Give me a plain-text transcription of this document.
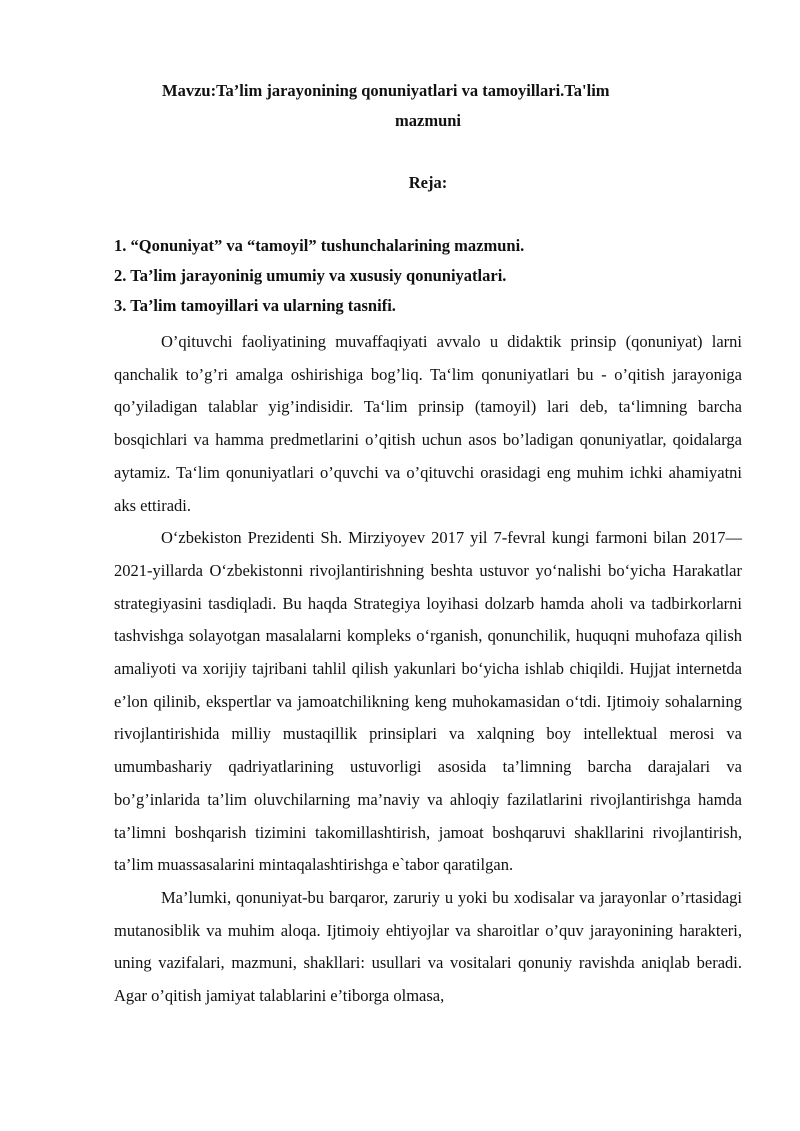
Mavzu:Ta’lim jarayonining qonuniyatlari va tamoyillari.Ta'lim
mazmuni
Reja:
1. “Qonuniyat” va “tamoyil” tushunchalarining mazmuni.
2. Ta’lim jarayoninig umumiy va xususiy qonuniyatlari.
3. Ta’lim tamoyillari va ularning tasnifi.

O’qituvchi faoliyatining muvaffaqiyati avvalo u didaktik prinsip (qonuniyat) larni qanchalik to’g’ri amalga oshirishiga bog’liq. Ta‘lim qonuniyatlari bu - o’qitish jarayoniga qo’yiladigan talablar yig’indisidir. Ta‘lim prinsip (tamoyil) lari deb, ta‘limning barcha bosqichlari va hamma predmetlarini o’qitish uchun asos bo’ladigan qonuniyatlar, qoidalarga aytamiz. Ta‘lim qonuniyatlari o’quvchi va o’qituvchi orasidagi eng muhim ichki ahamiyatni aks ettiradi.

O‘zbekiston Prezidenti Sh. Mirziyoyev 2017 yil 7-fevral kungi farmoni bilan 2017—2021-yillarda O‘zbekistonni rivojlantirishning beshta ustuvor yo‘nalishi bo‘yicha Harakatlar strategiyasini tasdiqladi. Bu haqda Strategiya loyihasi dolzarb hamda aholi va tadbirkorlarni tashvishga solayotgan masalalarni kompleks o‘rganish, qonunchilik, huquqni muhofaza qilish amaliyoti va xorijiy tajribani tahlil qilish yakunlari bo‘yicha ishlab chiqildi. Hujjat internetda e’lon qilinib, ekspertlar va jamoatchilikning keng muhokamasidan o‘tdi. Ijtimoiy sohalarning rivojlantirishida milliy mustaqillik prinsiplari va xalqning boy intellektual merosi va umumbashariy qadriyatlarining ustuvorligi asosida ta’limning barcha darajalari va bo’g’inlarida ta’lim oluvchilarning ma’naviy va ahloqiy fazilatlarini rivojlantirishga hamda ta’limni boshqarish tizimini takomillashtirish, jamoat boshqaruvi shakllarini rivojlantirish, ta’lim muassasalarini mintaqalashtirishga e`tabor qaratilgan.

Ma’lumki, qonuniyat-bu barqaror, zaruriy u yoki bu xodisalar va jarayonlar o’rtasidagi mutanosiblik va muhim aloqa. Ijtimoiy ehtiyojlar va sharoitlar o’quv jarayonining harakteri, uning vazifalari, mazmuni, shakllari: usullari va vositalari qonuniy ravishda aniqlab beradi. Agar o’qitish jamiyat talablarini e’tiborga olmasa,
